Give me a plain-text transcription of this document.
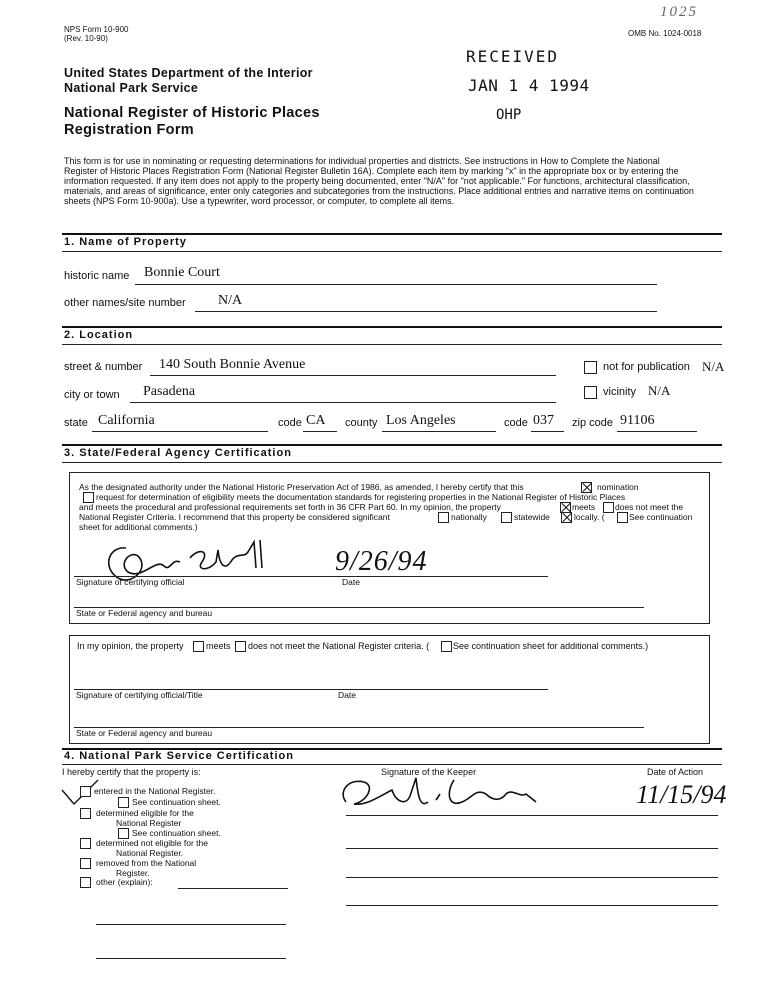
NPS Form 10-900
(Rev. 10-90)
OMB No. 1024-0018
1025
United States Department of the Interior
National Park Service
National Register of Historic Places
Registration Form
RECEIVED
JAN 1 4 1994
OHP
This form is for use in nominating or requesting determinations for individual properties and districts. See instructions in How to Complete the National
Register of Historic Places Registration Form (National Register Bulletin 16A). Complete each item by marking "x" in the appropriate box or by entering the
information requested. If any item does not apply to the property being documented, enter "N/A" for "not applicable." For functions, architectural classification,
materials, and areas of significance, enter only categories and subcategories from the instructions. Place additional entries and narrative items on continuation
sheets (NPS Form 10-900a). Use a typewriter, word processor, or computer, to complete all items.
1. Name of Property
historic name Bonnie Court
other names/site number N/A
2. Location
street & number 140 South Bonnie Avenue	not for publication N/A
city or town Pasadena	vicinity N/A
state California	code CA county Los Angeles	code 037 zip code 91106
3. State/Federal Agency Certification
As the designated authority under the National Historic Preservation Act of 1986, as amended, I hereby certify that this	nomination
request for determination of eligibility meets the documentation standards for registering properties in the National Register of Historic Places
and meets the procedural and professional requirements set forth in 36 CFR Part 60. In my opinion, the property	meets does not meet the
National Register Criteria. I recommend that this property be considered significant	nationally	statewide	locally. (	See continuation
sheet for additional comments.)
Signature of certifying official
9/26/94
Date
State or Federal agency and bureau
In my opinion, the property meets does not meet the National Register criteria. (	See continuation sheet for additional comments.)
Signature of certifying official/Title	Date
State or Federal agency and bureau
4. National Park Service Certification
I hereby certify that the property is:	Signature of the Keeper	Date of Action
entered in the National Register.
See continuation sheet.
determined eligible for the
National Register
See continuation sheet.
determined not eligible for the
National Register.
removed from the National
Register.
other (explain):
11/15/94
